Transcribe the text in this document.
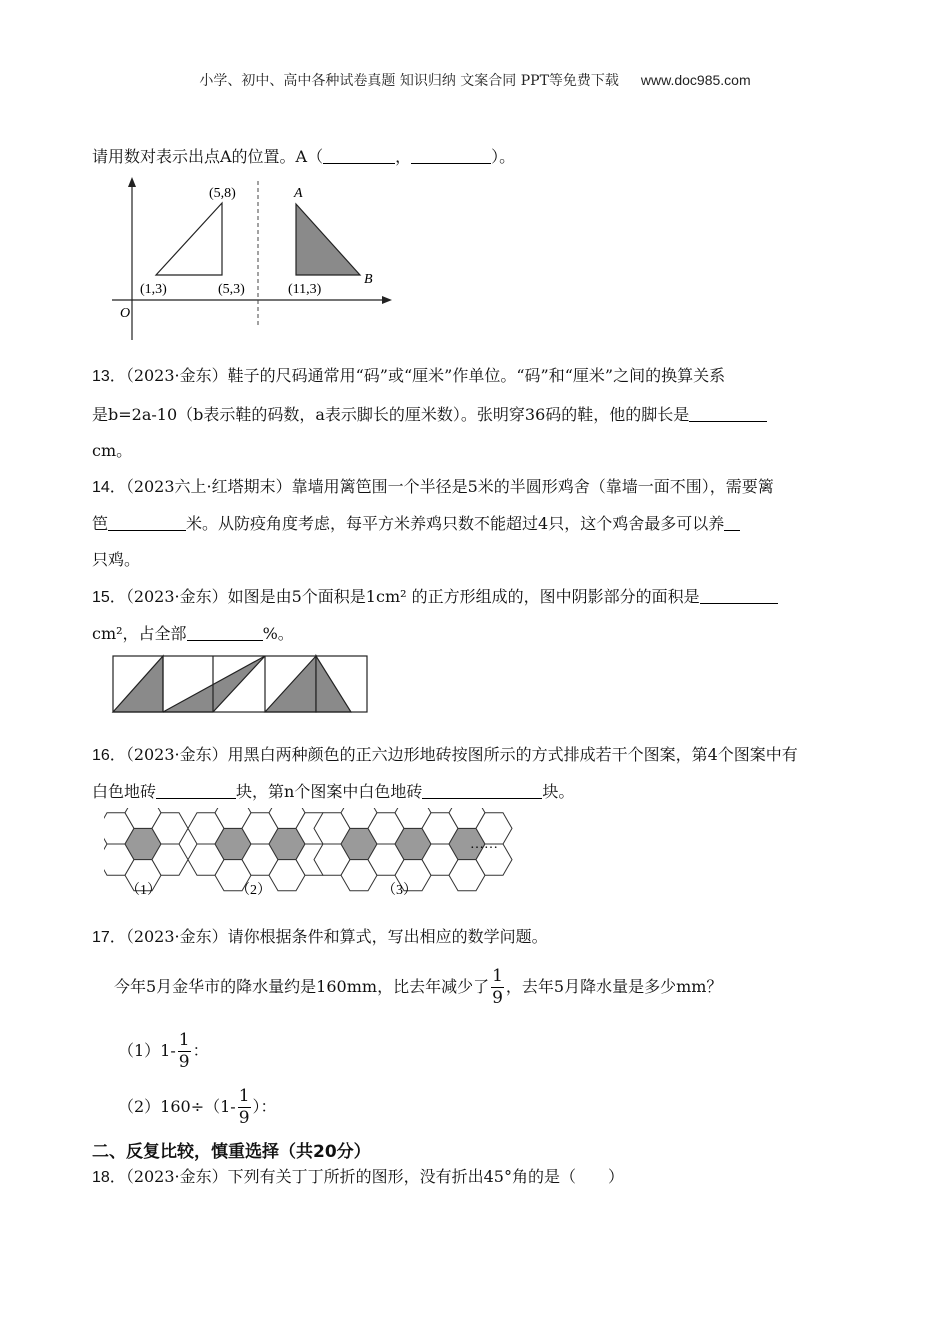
小学、初中、高中各种试卷真题 知识归纳 文案合同 PPT等免费下载 www.doc985.com
请用数对表示出点A的位置。A（	，	）。
O
(5,8)
(1,3)	(5,3)
A
(11,3)
B
13．（2023·金东）鞋子的尺码通常用“码”或“厘米”作单位。“码”和“厘米”之间的换算关系
是b=2a-10（b表示鞋的码数，a表示脚长的厘米数）。张明穿36码的鞋，他的脚长是
cm。
14．（2023六上·红塔期末）靠墙用篱笆围一个半径是5米的半圆形鸡舍（靠墙一面不围），需要篱
笆	米。从防疫角度考虑，每平方米养鸡只数不能超过4只，这个鸡舍最多可以养
只鸡。
15．（2023·金东）如图是由5个面积是1cm² 的正方形组成的，图中阴影部分的面积是
cm²，占全部	%。
16．（2023·金东）用黑白两种颜色的正六边形地砖按图所示的方式排成若干个图案，第4个图案中有
白色地砖	块，第n个图案中白色地砖	块。
（1）	（2）	（3）
……
17．（2023·金东）请你根据条件和算式，写出相应的数学问题。
今年5月金华市的降水量约是160mm，比去年减少了 $\frac{1}{9}$ ，去年5月降水量是多少mm？
$(1)1- \frac{1}{9}$ ：
$(2)160\div(1- \frac{1}{9}$ ）：
二、反复比较，慎重选择（共20分）
18．（2023·金东）下列有关丁丁所折的图形，没有折出45°角的是（　　）
